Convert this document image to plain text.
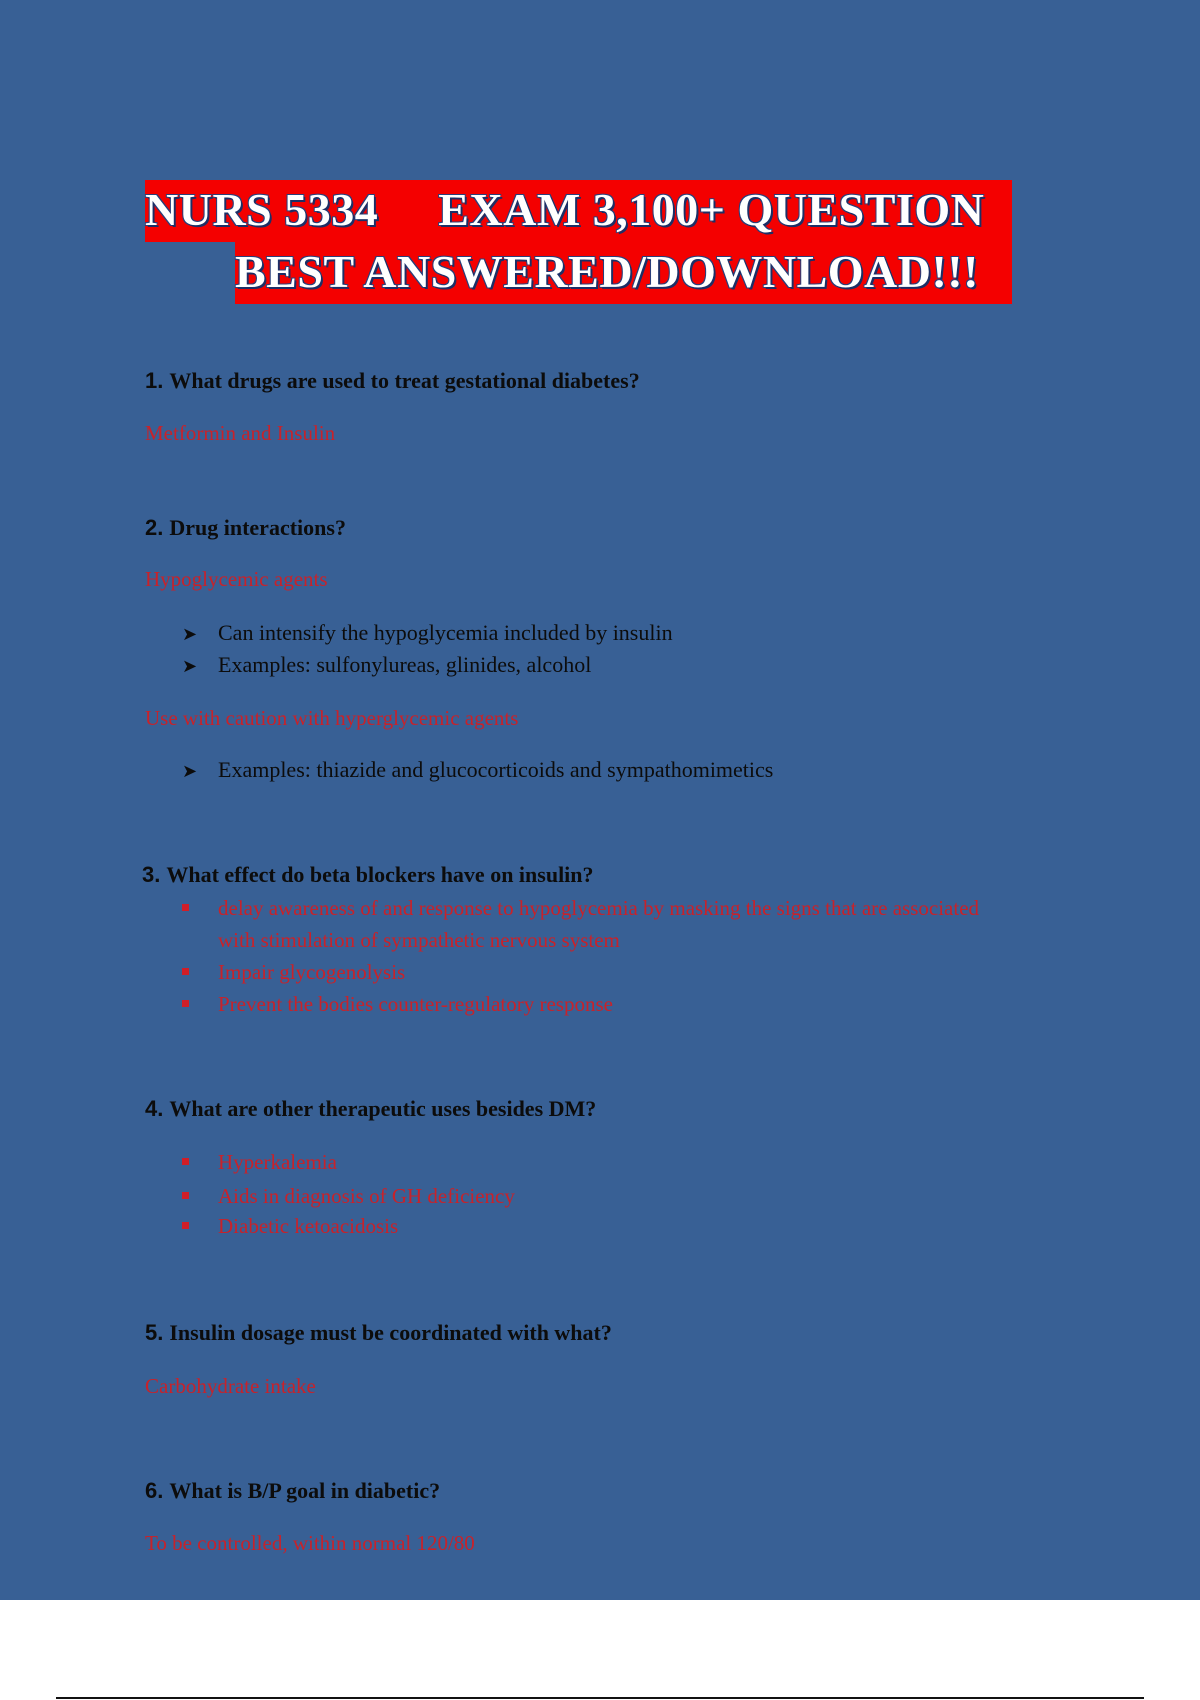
NURS 5334     EXAM 3,100+ QUESTION
BEST ANSWERED/DOWNLOAD!!!
1. What drugs are used to treat gestational diabetes?
Metformin and Insulin
2. Drug interactions?
Hypoglycemic agents
➤ Can intensify the hypoglycemia included by insulin
➤ Examples: sulfonylureas, glinides, alcohol
Use with caution with hyperglycemic agents
➤ Examples: thiazide and glucocorticoids and sympathomimetics
3. What effect do beta blockers have on insulin?
delay awareness of and response to hypoglycemia by masking the signs that are associated with stimulation of sympathetic nervous system
Impair glycogenolysis
Prevent the bodies counter-regulatory response
4. What are other therapeutic uses besides DM?
Hyperkalemia
Aids in diagnosis of GH deficiency
Diabetic ketoacidosis
5. Insulin dosage must be coordinated with what?
Carbohydrate intake
6. What is B/P goal in diabetic?
To be controlled, within normal 120/80
